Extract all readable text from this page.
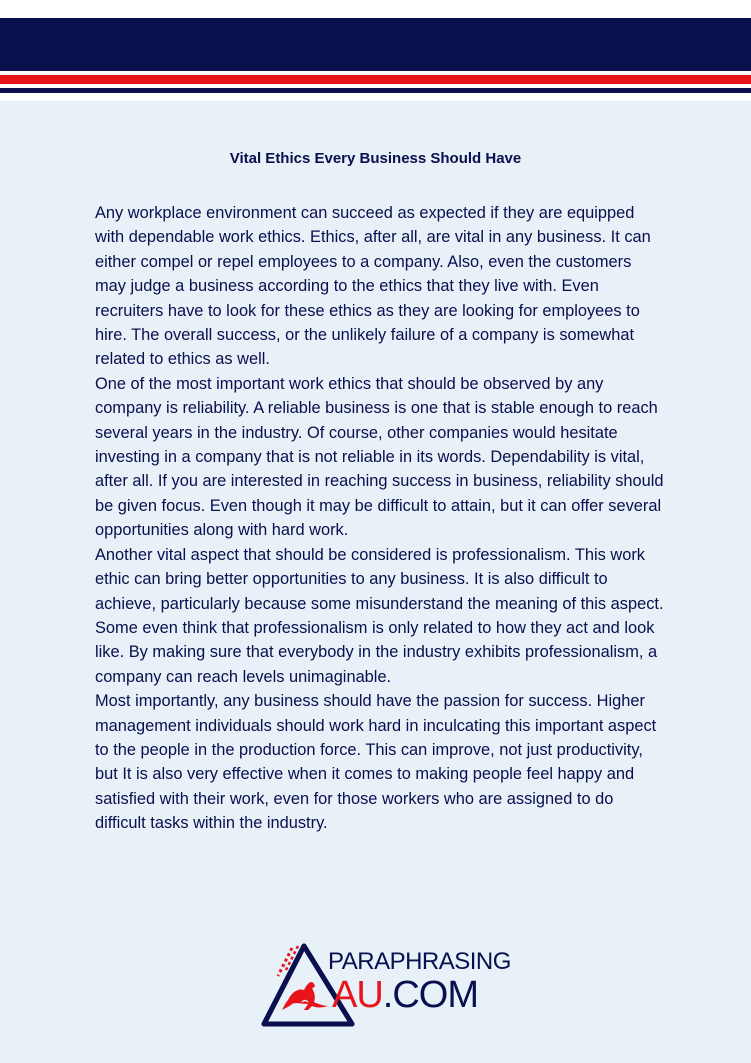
Vital Ethics Every Business Should Have

Any workplace environment can succeed as expected if they are equipped with dependable work ethics. Ethics, after all, are vital in any business. It can either compel or repel employees to a company. Also, even the customers may judge a business according to the ethics that they live with. Even recruiters have to look for these ethics as they are looking for employees to hire. The overall success, or the unlikely failure of a company is somewhat related to ethics as well.

One of the most important work ethics that should be observed by any company is reliability. A reliable business is one that is stable enough to reach several years in the industry. Of course, other companies would hesitate investing in a company that is not reliable in its words. Dependability is vital, after all. If you are interested in reaching success in business, reliability should be given focus. Even though it may be difficult to attain, but it can offer several opportunities along with hard work.

Another vital aspect that should be considered is professionalism. This work ethic can bring better opportunities to any business. It is also difficult to achieve, particularly because some misunderstand the meaning of this aspect. Some even think that professionalism is only related to how they act and look like. By making sure that everybody in the industry exhibits professionalism, a company can reach levels unimaginable.

Most importantly, any business should have the passion for success. Higher management individuals should work hard in inculcating this important aspect to the people in the production force. This can improve, not just productivity, but It is also very effective when it comes to making people feel happy and satisfied with their work, even for those workers who are assigned to do difficult tasks within the industry.

PARAPHRASING
AU.COM
